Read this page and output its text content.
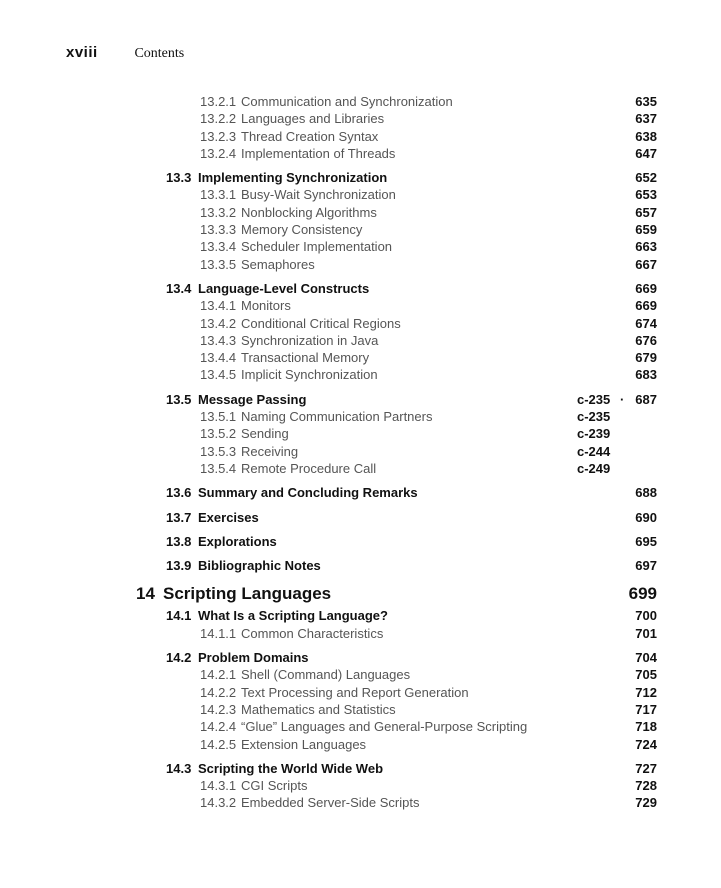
xviii	Contents
13.2.1 Communication and Synchronization	635
13.2.2 Languages and Libraries	637
13.2.3 Thread Creation Syntax	638
13.2.4 Implementation of Threads	647
13.3 Implementing Synchronization	652
13.3.1 Busy-Wait Synchronization	653
13.3.2 Nonblocking Algorithms	657
13.3.3 Memory Consistency	659
13.3.4 Scheduler Implementation	663
13.3.5 Semaphores	667
13.4 Language-Level Constructs	669
13.4.1 Monitors	669
13.4.2 Conditional Critical Regions	674
13.4.3 Synchronization in Java	676
13.4.4 Transactional Memory	679
13.4.5 Implicit Synchronization	683
13.5 Message Passing	c-235 · 687
13.5.1 Naming Communication Partners	c-235
13.5.2 Sending	c-239
13.5.3 Receiving	c-244
13.5.4 Remote Procedure Call	c-249
13.6 Summary and Concluding Remarks	688
13.7 Exercises	690
13.8 Explorations	695
13.9 Bibliographic Notes	697
14 Scripting Languages	699
14.1 What Is a Scripting Language?	700
14.1.1 Common Characteristics	701
14.2 Problem Domains	704
14.2.1 Shell (Command) Languages	705
14.2.2 Text Processing and Report Generation	712
14.2.3 Mathematics and Statistics	717
14.2.4 “Glue” Languages and General-Purpose Scripting	718
14.2.5 Extension Languages	724
14.3 Scripting the World Wide Web	727
14.3.1 CGI Scripts	728
14.3.2 Embedded Server-Side Scripts	729
